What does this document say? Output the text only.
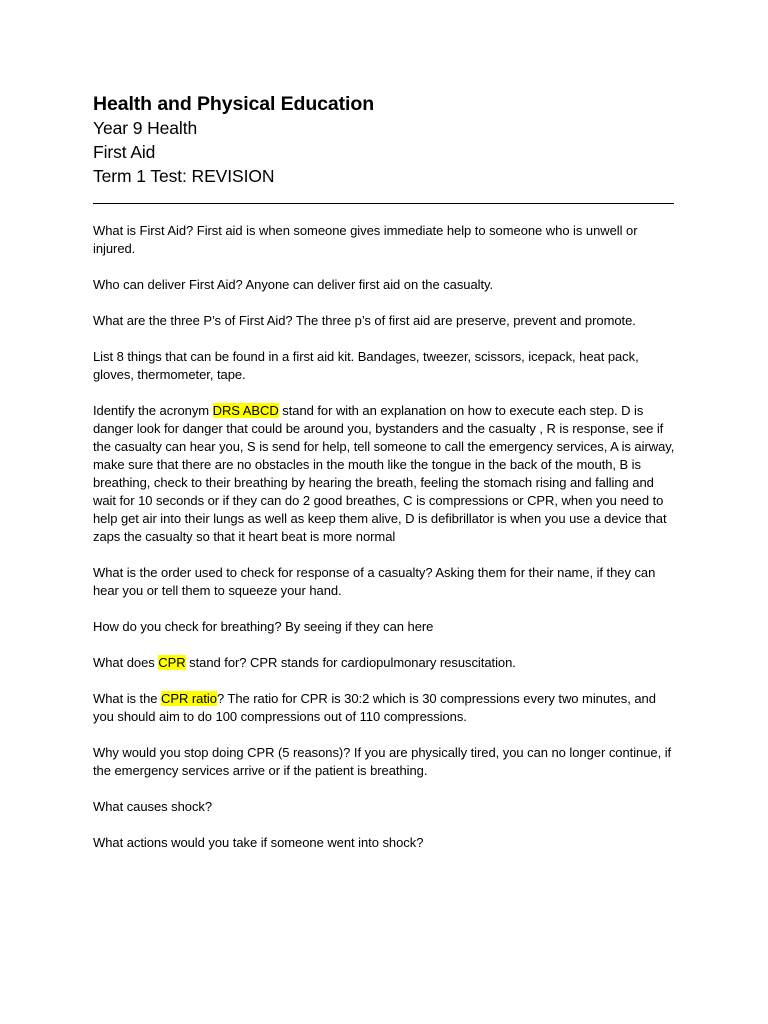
Health and Physical Education

Year 9 Health

First Aid

Term 1 Test: REVISION

What is First Aid? First aid is when someone gives immediate help to someone who is unwell or injured.

Who can deliver First Aid? Anyone can deliver first aid on the casualty.

What are the three P’s of First Aid? The three p’s of first aid are preserve, prevent and promote.

List 8 things that can be found in a first aid kit. Bandages, tweezer, scissors, icepack, heat pack, gloves, thermometer, tape.

Identify the acronym DRS ABCD stand for with an explanation on how to execute each step. D is danger look for danger that could be around you, bystanders and the casualty , R is response, see if the casualty can hear you, S is send for help, tell someone to call the emergency services, A is airway, make sure that there are no obstacles in the mouth like the tongue in the back of the mouth, B is breathing, check to their breathing by hearing the breath, feeling the stomach rising and falling and wait for 10 seconds or if they can do 2 good breathes, C is compressions or CPR, when you need to help get air into their lungs as well as keep them alive, D is defibrillator is when you use a device that zaps the casualty so that it heart beat is more normal

What is the order used to check for response of a casualty? Asking them for their name, if they can hear you or tell them to squeeze your hand.

How do you check for breathing? By seeing if they can here

What does CPR stand for? CPR stands for cardiopulmonary resuscitation.

What is the CPR ratio? The ratio for CPR is 30:2 which is 30 compressions every two minutes, and you should aim to do 100 compressions out of 110 compressions.

Why would you stop doing CPR (5 reasons)? If you are physically tired, you can no longer continue, if the emergency services arrive or if the patient is breathing.

What causes shock?

What actions would you take if someone went into shock?
